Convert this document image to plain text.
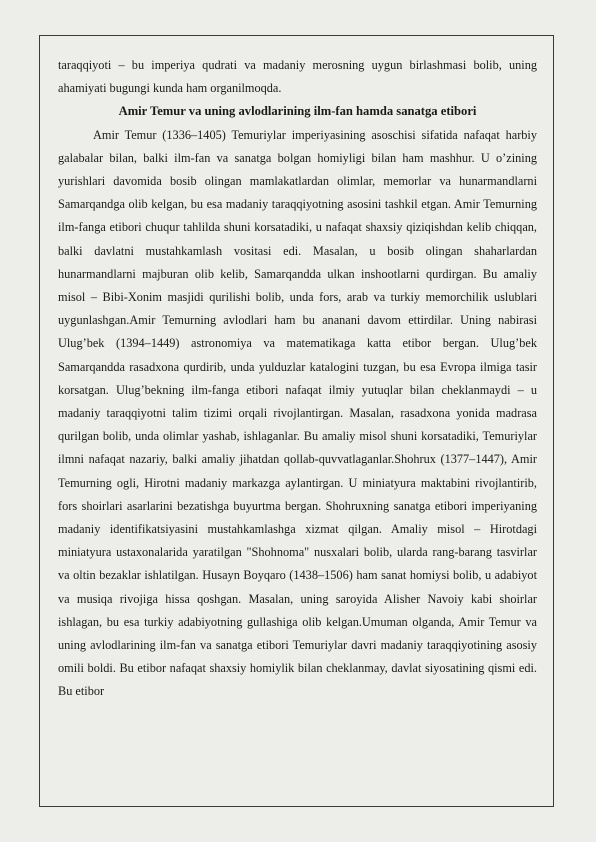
taraqqiyoti – bu imperiya qudrati va madaniy merosning uygun birlashmasi bolib, uning ahamiyati bugungi kunda ham organilmoqda.

Amir Temur va uning avlodlarining ilm-fan hamda sanatga etibori

Amir Temur (1336–1405) Temuriylar imperiyasining asoschisi sifatida nafaqat harbiy galabalar bilan, balki ilm-fan va sanatga bolgan homiyligi bilan ham mashhur. U o’zining yurishlari davomida bosib olingan mamlakatlardan olimlar, memorlar va hunarmandlarni Samarqandga olib kelgan, bu esa madaniy taraqqiyotning asosini tashkil etgan. Amir Temurning ilm-fanga etibori chuqur tahlilda shuni korsatadiki, u nafaqat shaxsiy qiziqishdan kelib chiqqan, balki davlatni mustahkamlash vositasi edi. Masalan, u bosib olingan shaharlardan hunarmandlarni majburan olib kelib, Samarqandda ulkan inshootlarni qurdirgan. Bu amaliy misol – Bibi-Xonim masjidi qurilishi bolib, unda fors, arab va turkiy memorchilik uslublari uygunlashgan.Amir Temurning avlodlari ham bu ananani davom ettirdilar. Uning nabirasi Ulug’bek (1394–1449) astronomiya va matematikaga katta etibor bergan. Ulug’bek Samarqandda rasadxona qurdirib, unda yulduzlar katalogini tuzgan, bu esa Evropa ilmiga tasir korsatgan. Ulug’bekning ilm-fanga etibori nafaqat ilmiy yutuqlar bilan cheklanmaydi – u madaniy taraqqiyotni talim tizimi orqali rivojlantirgan. Masalan, rasadxona yonida madrasa qurilgan bolib, unda olimlar yashab, ishlaganlar. Bu amaliy misol shuni korsatadiki, Temuriylar ilmni nafaqat nazariy, balki amaliy jihatdan qollab-quvvatlaganlar.Shohrux (1377–1447), Amir Temurning ogli, Hirotni madaniy markazga aylantirgan. U miniatyura maktabini rivojlantirib, fors shoirlari asarlarini bezatishga buyurtma bergan. Shohruxning sanatga etibori imperiyaning madaniy identifikatsiyasini mustahkamlashga xizmat qilgan. Amaliy misol – Hirotdagi miniatyura ustaxonalarida yaratilgan "Shohnoma" nusxalari bolib, ularda rang-barang tasvirlar va oltin bezaklar ishlatilgan. Husayn Boyqaro (1438–1506) ham sanat homiysi bolib, u adabiyot va musiqa rivojiga hissa qoshgan. Masalan, uning saroyida Alisher Navoiy kabi shoirlar ishlagan, bu esa turkiy adabiyotning gullashiga olib kelgan.Umuman olganda, Amir Temur va uning avlodlarining ilm-fan va sanatga etibori Temuriylar davri madaniy taraqqiyotining asosiy omili boldi. Bu etibor nafaqat shaxsiy homiylik bilan cheklanmay, davlat siyosatining qismi edi. Bu etibor
